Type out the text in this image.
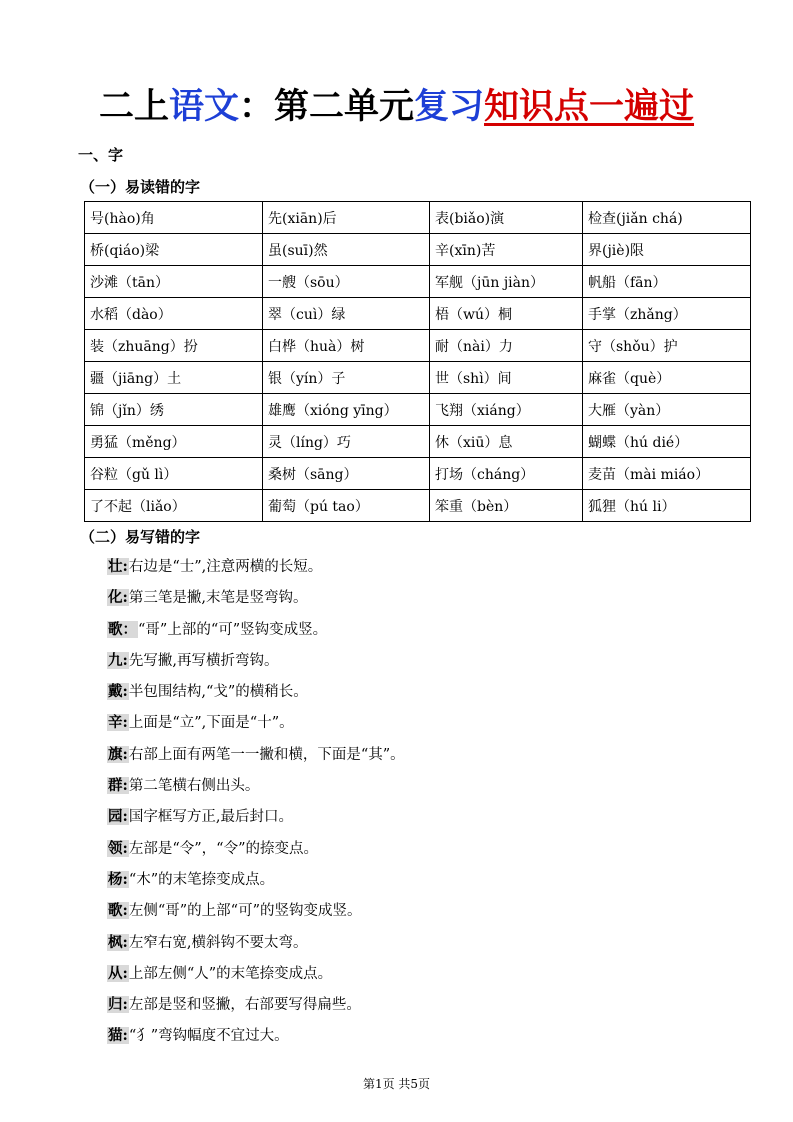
二上语文：第二单元复习知识点一遍过
一、字
（一）易读错的字
号(hào)角	先(xiān)后	表(biǎo)演	检查(jiǎn chá)
桥(qiáo)梁	虽(suī)然	辛(xīn)苦	界(jiè)限
沙滩（tān）	一艘（sōu）	军舰（jūn jiàn）	帆船（fān）
水稻（dào）	翠（cuì）绿	梧（wú）桐	手掌（zhǎng）
装（zhuāng）扮	白桦（huà）树	耐（nài）力	守（shǒu）护
疆（jiāng）土	银（yín）子	世（shì）间	麻雀（què）
锦（jǐn）绣	雄鹰（xióng yīng）	飞翔（xiáng）	大雁（yàn）
勇猛（měng）	灵（líng）巧	休（xiū）息	蝴蝶（hú dié）
谷粒（gǔ lì）	桑树（sāng）	打场（cháng）	麦苗（mài miáo）
了不起（liǎo）	葡萄（pú tao）	笨重（bèn）	狐狸（hú li）
（二）易写错的字
壮:右边是“士”,注意两横的长短。
化:第三笔是撇,末笔是竖弯钩。
歌：“哥”上部的“可”竖钩变成竖。
九:先写撇,再写横折弯钩。
戴:半包围结构,“戈”的横稍长。
辛:上面是“立”,下面是“十”。
旗:右部上面有两笔一一撇和横，下面是“其”。
群:第二笔横右侧出头。
园:国字框写方正,最后封口。
领:左部是“令”，“令”的捺变点。
杨:“木”的末笔捺变成点。
歌:左侧“哥”的上部“可”的竖钩变成竖。
枫:左窄右宽,横斜钩不要太弯。
从:上部左侧“人”的末笔捺变成点。
归:左部是竖和竖撇，右部要写得扁些。
猫:“犭”弯钩幅度不宜过大。
第1页 共5页
